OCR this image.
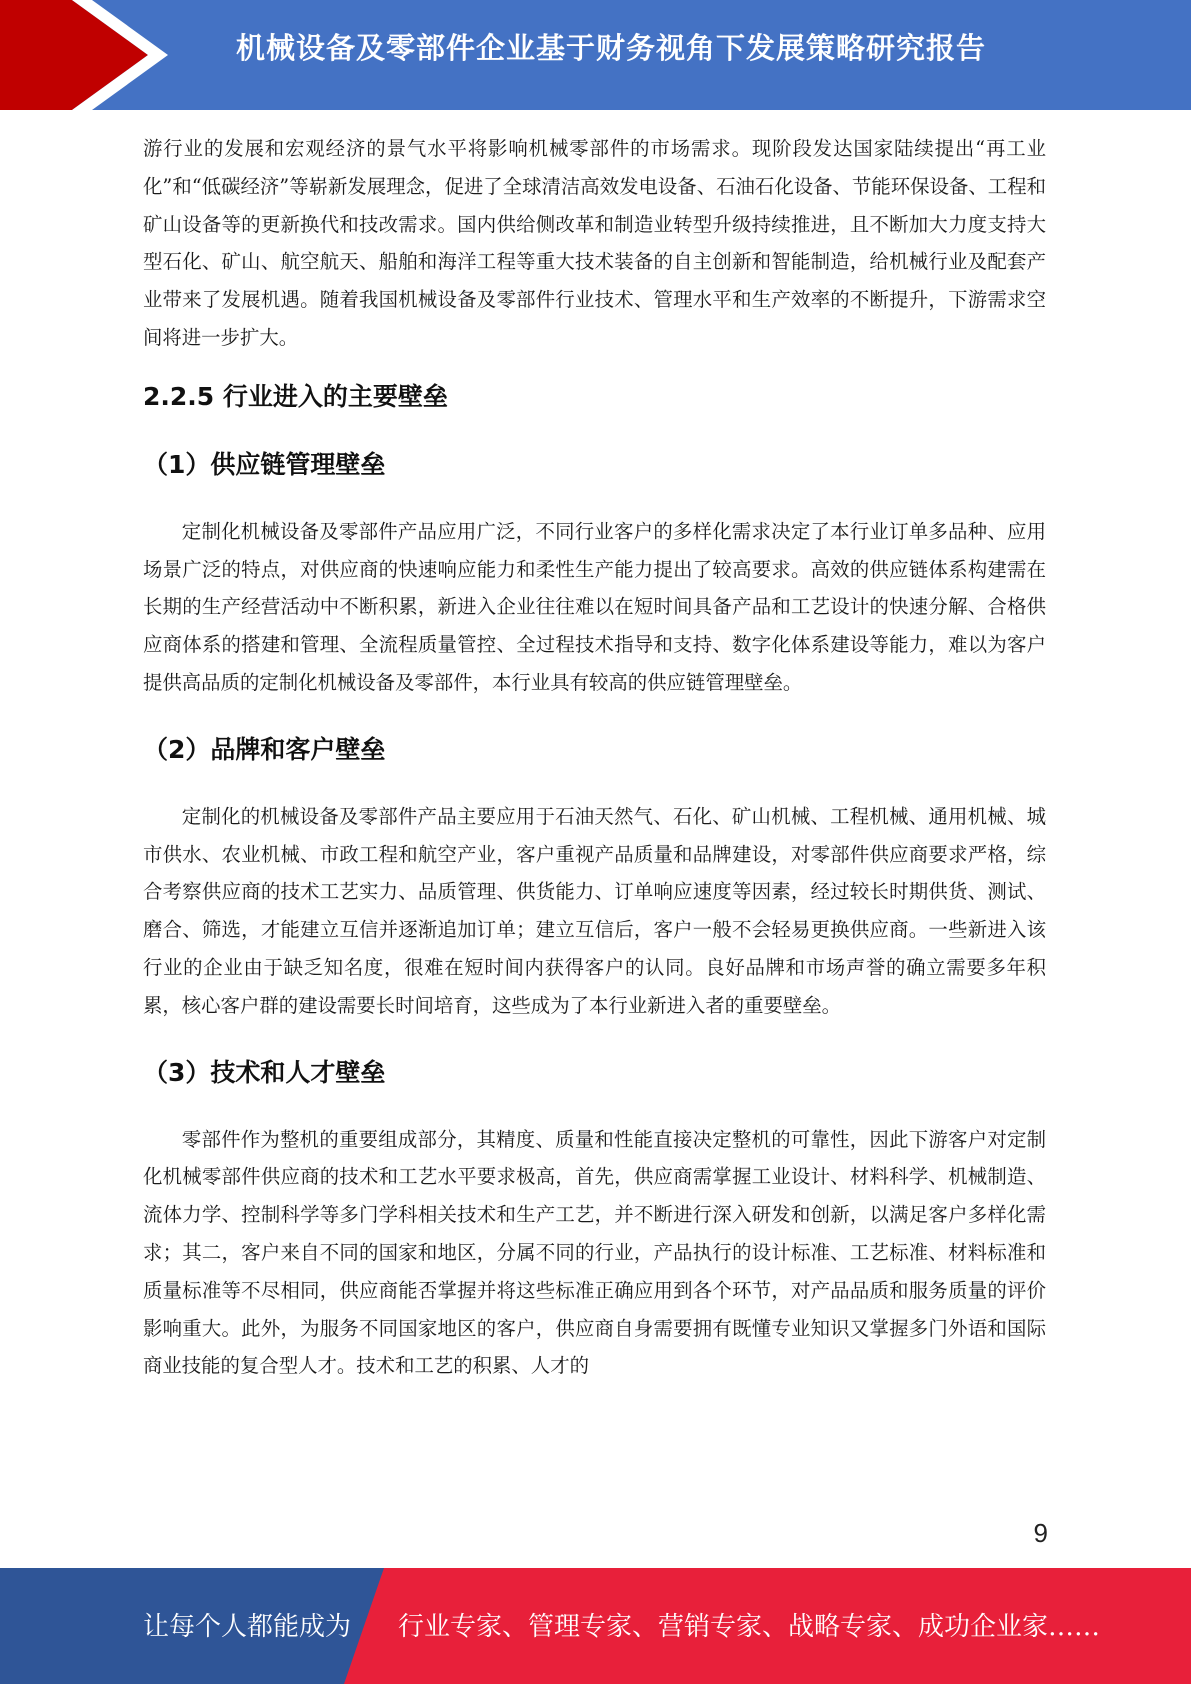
机械设备及零部件企业基于财务视角下发展策略研究报告

游行业的发展和宏观经济的景气水平将影响机械零部件的市场需求。现阶段发达国家陆续提出“再工业化”和“低碳经济”等崭新发展理念，促进了全球清洁高效发电设备、石油石化设备、节能环保设备、工程和矿山设备等的更新换代和技改需求。国内供给侧改革和制造业转型升级持续推进，且不断加大力度支持大型石化、矿山、航空航天、船舶和海洋工程等重大技术装备的自主创新和智能制造，给机械行业及配套产业带来了发展机遇。随着我国机械设备及零部件行业技术、管理水平和生产效率的不断提升，下游需求空间将进一步扩大。

2.2.5 行业进入的主要壁垒
（1）供应链管理壁垒

定制化机械设备及零部件产品应用广泛，不同行业客户的多样化需求决定了本行业订单多品种、应用场景广泛的特点，对供应商的快速响应能力和柔性生产能力提出了较高要求。高效的供应链体系构建需在长期的生产经营活动中不断积累，新进入企业往往难以在短时间具备产品和工艺设计的快速分解、合格供应商体系的搭建和管理、全流程质量管控、全过程技术指导和支持、数字化体系建设等能力，难以为客户提供高品质的定制化机械设备及零部件，本行业具有较高的供应链管理壁垒。

（2）品牌和客户壁垒

定制化的机械设备及零部件产品主要应用于石油天然气、石化、矿山机械、工程机械、通用机械、城市供水、农业机械、市政工程和航空产业，客户重视产品质量和品牌建设，对零部件供应商要求严格，综合考察供应商的技术工艺实力、品质管理、供货能力、订单响应速度等因素，经过较长时期供货、测试、磨合、筛选，才能建立互信并逐渐追加订单；建立互信后，客户一般不会轻易更换供应商。一些新进入该行业的企业由于缺乏知名度，很难在短时间内获得客户的认同。良好品牌和市场声誉的确立需要多年积累，核心客户群的建设需要长时间培育，这些成为了本行业新进入者的重要壁垒。

（3）技术和人才壁垒

零部件作为整机的重要组成部分，其精度、质量和性能直接决定整机的可靠性，因此下游客户对定制化机械零部件供应商的技术和工艺水平要求极高，首先，供应商需掌握工业设计、材料科学、机械制造、流体力学、控制科学等多门学科相关技术和生产工艺，并不断进行深入研发和创新，以满足客户多样化需求；其二，客户来自不同的国家和地区，分属不同的行业，产品执行的设计标准、工艺标准、材料标准和质量标准等不尽相同，供应商能否掌握并将这些标准正确应用到各个环节，对产品品质和服务质量的评价影响重大。此外，为服务不同国家地区的客户，供应商自身需要拥有既懂专业知识又掌握多门外语和国际商业技能的复合型人才。技术和工艺的积累、人才的

9
让每个人都能成为 行业专家、管理专家、营销专家、战略专家、成功企业家……
